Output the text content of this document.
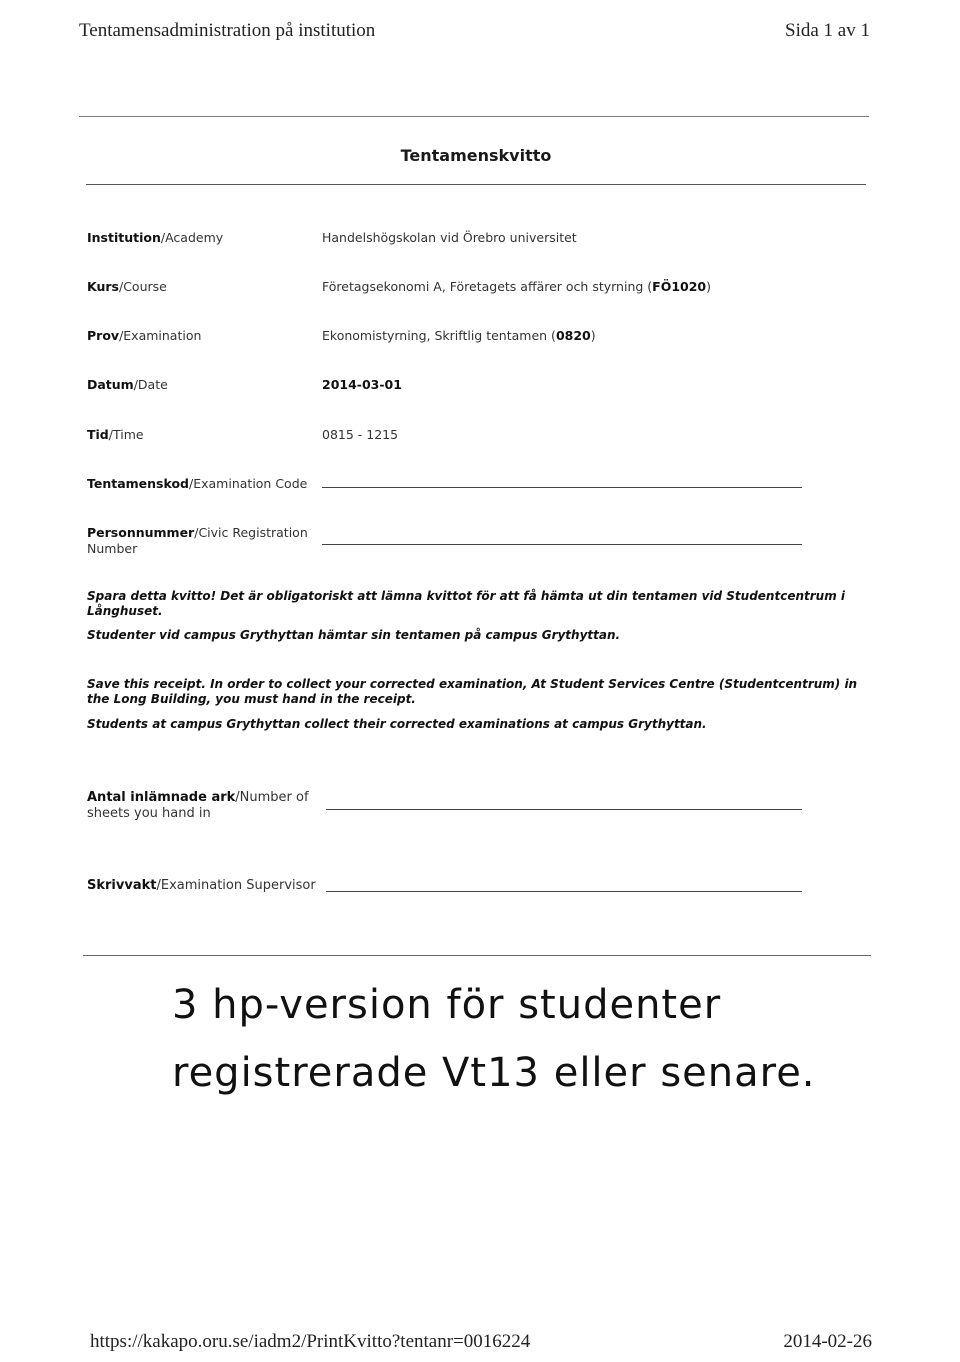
Tentamensadministration på institution	Sida 1 av 1
Tentamenskvitto
Institution/Academy	Handelshögskolan vid Örebro universitet
Kurs/Course	Företagsekonomi A, Företagets affärer och styrning (FÖ1020)
Prov/Examination	Ekonomistyrning, Skriftlig tentamen (0820)
Datum/Date	2014-03-01
Tid/Time	0815 - 1215
Tentamenskod/Examination Code
Personnummer/Civic Registration Number
Spara detta kvitto! Det är obligatoriskt att lämna kvittot för att få hämta ut din tentamen vid Studentcentrum i Långhuset.
Studenter vid campus Grythyttan hämtar sin tentamen på campus Grythyttan.
Save this receipt. In order to collect your corrected examination, At Student Services Centre (Studentcentrum) in the Long Building, you must hand in the receipt.
Students at campus Grythyttan collect their corrected examinations at campus Grythyttan.
Antal inlämnade ark/Number of sheets you hand in
Skrivvakt/Examination Supervisor
3 hp-version för studenter
registrerade Vt13 eller senare.
https://kakapo.oru.se/iadm2/PrintKvitto?tentanr=0016224	2014-02-26
